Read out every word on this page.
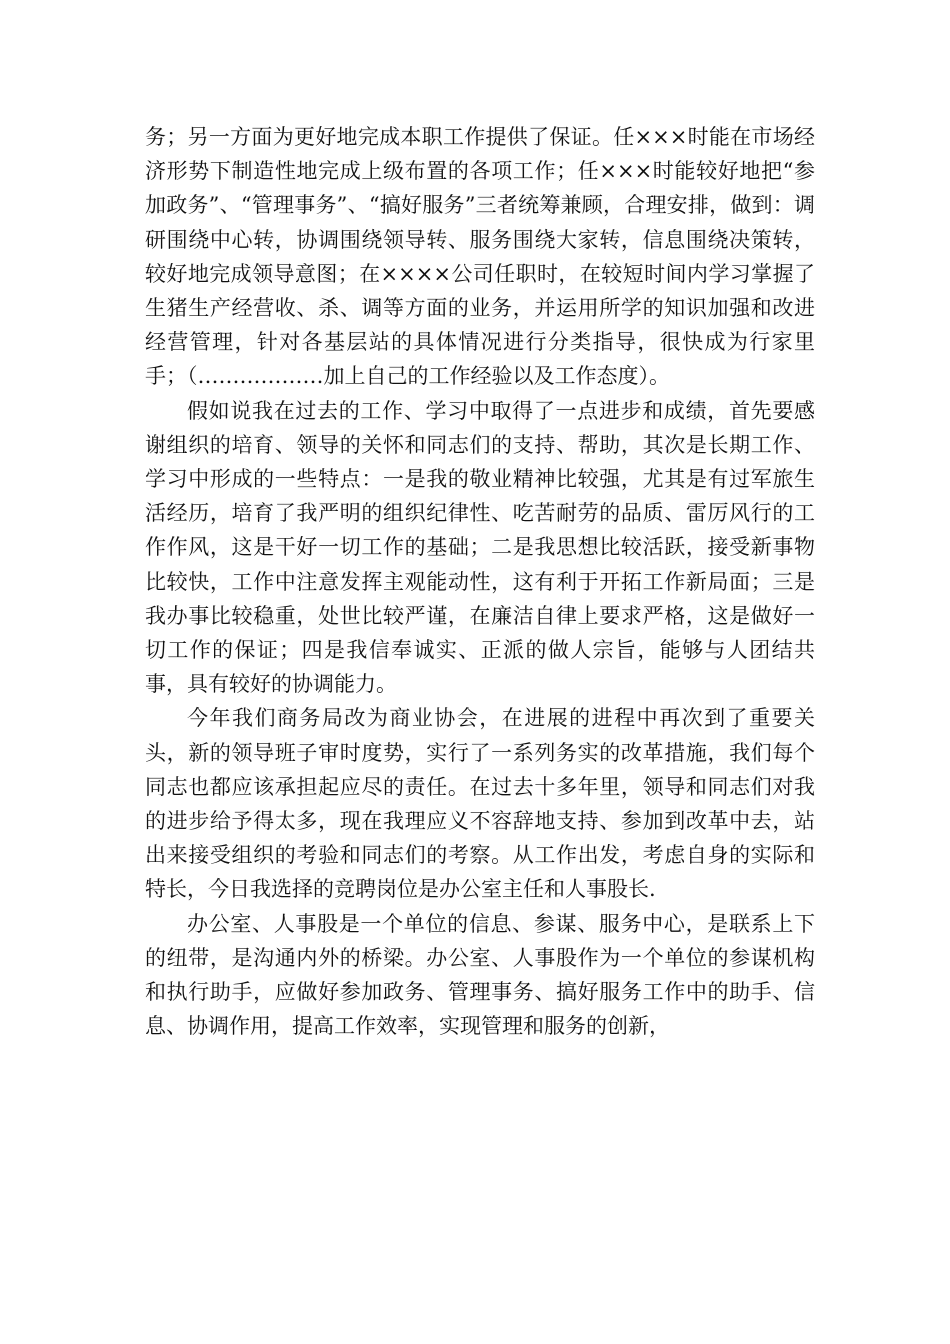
务；另一方面为更好地完成本职工作提供了保证。任×××时能在市场经济形势下制造性地完成上级布置的各项工作；任×××时能较好地把“参加政务”、“管理事务”、“搞好服务”三者统筹兼顾，合理安排，做到：调研围绕中心转，协调围绕领导转、服务围绕大家转，信息围绕决策转，较好地完成领导意图；在××××公司任职时，在较短时间内学习掌握了生猪生产经营收、杀、调等方面的业务，并运用所学的知识加强和改进经营管理，针对各基层站的具体情况进行分类指导，很快成为行家里手；（………………加上自己的工作经验以及工作态度）。

假如说我在过去的工作、学习中取得了一点进步和成绩，首先要感谢组织的培育、领导的关怀和同志们的支持、帮助，其次是长期工作、学习中形成的一些特点：一是我的敬业精神比较强，尤其是有过军旅生活经历，培育了我严明的组织纪律性、吃苦耐劳的品质、雷厉风行的工作作风，这是干好一切工作的基础；二是我思想比较活跃，接受新事物比较快，工作中注意发挥主观能动性，这有利于开拓工作新局面；三是我办事比较稳重，处世比较严谨，在廉洁自律上要求严格，这是做好一切工作的保证；四是我信奉诚实、正派的做人宗旨，能够与人团结共事，具有较好的协调能力。

今年我们商务局改为商业协会，在进展的进程中再次到了重要关头，新的领导班子审时度势，实行了一系列务实的改革措施，我们每个同志也都应该承担起应尽的责任。在过去十多年里，领导和同志们对我的进步给予得太多，现在我理应义不容辞地支持、参加到改革中去，站出来接受组织的考验和同志们的考察。从工作出发，考虑自身的实际和特长，今日我选择的竞聘岗位是办公室主任和人事股长.

办公室、人事股是一个单位的信息、参谋、服务中心，是联系上下的纽带，是沟通内外的桥梁。办公室、人事股作为一个单位的参谋机构和执行助手，应做好参加政务、管理事务、搞好服务工作中的助手、信息、协调作用，提高工作效率，实现管理和服务的创新，
